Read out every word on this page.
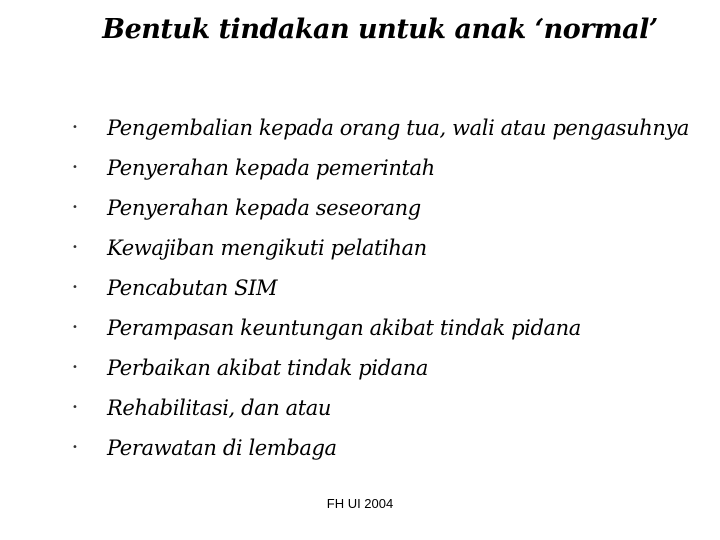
Bentuk tindakan untuk anak ‘normal’
• Pengembalian kepada orang tua, wali atau pengasuhnya
• Penyerahan kepada pemerintah
• Penyerahan kepada seseorang
• Kewajiban mengikuti pelatihan
• Pencabutan SIM
• Perampasan keuntungan akibat tindak pidana
• Perbaikan akibat tindak pidana
• Rehabilitasi, dan atau
• Perawatan di lembaga
FH UI 2004
